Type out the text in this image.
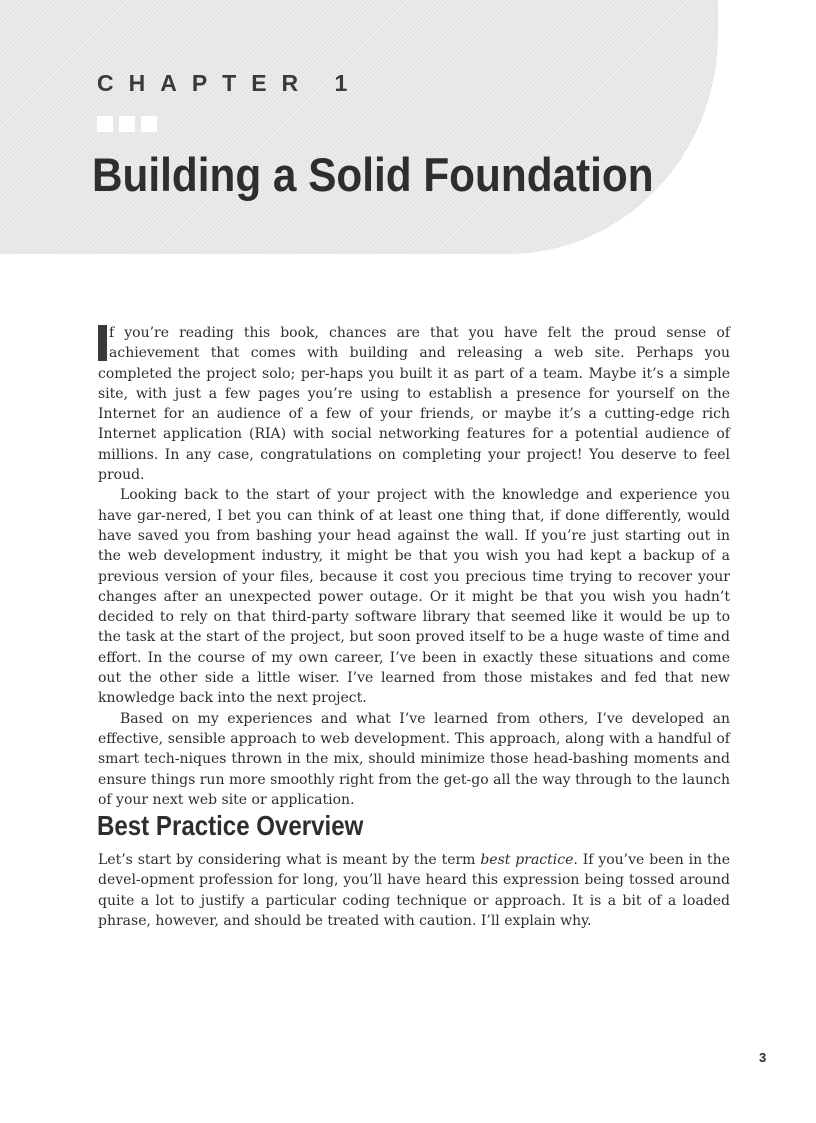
CHAPTER 1
Building a Solid Foundation

f you’re reading this book, chances are that you have felt the proud sense of achievement that comes with building and releasing a web site. Perhaps you completed the project solo; per-haps you built it as part of a team. Maybe it’s a simple site, with just a few pages you’re using to establish a presence for yourself on the Internet for an audience of a few of your friends, or maybe it’s a cutting-edge rich Internet application (RIA) with social networking features for a potential audience of millions. In any case, congratulations on completing your project! You deserve to feel proud.

Looking back to the start of your project with the knowledge and experience you have gar-nered, I bet you can think of at least one thing that, if done differently, would have saved you from bashing your head against the wall. If you’re just starting out in the web development industry, it might be that you wish you had kept a backup of a previous version of your files, because it cost you precious time trying to recover your changes after an unexpected power outage. Or it might be that you wish you hadn’t decided to rely on that third-party software library that seemed like it would be up to the task at the start of the project, but soon proved itself to be a huge waste of time and effort. In the course of my own career, I’ve been in exactly these situations and come out the other side a little wiser. I’ve learned from those mistakes and fed that new knowledge back into the next project.

Based on my experiences and what I’ve learned from others, I’ve developed an effective, sensible approach to web development. This approach, along with a handful of smart tech-niques thrown in the mix, should minimize those head-bashing moments and ensure things run more smoothly right from the get-go all the way through to the launch of your next web site or application.

Best Practice Overview

Let’s start by considering what is meant by the term best practice. If you’ve been in the devel-opment profession for long, you’ll have heard this expression being tossed around quite a lot to justify a particular coding technique or approach. It is a bit of a loaded phrase, however, and should be treated with caution. I’ll explain why.

3
